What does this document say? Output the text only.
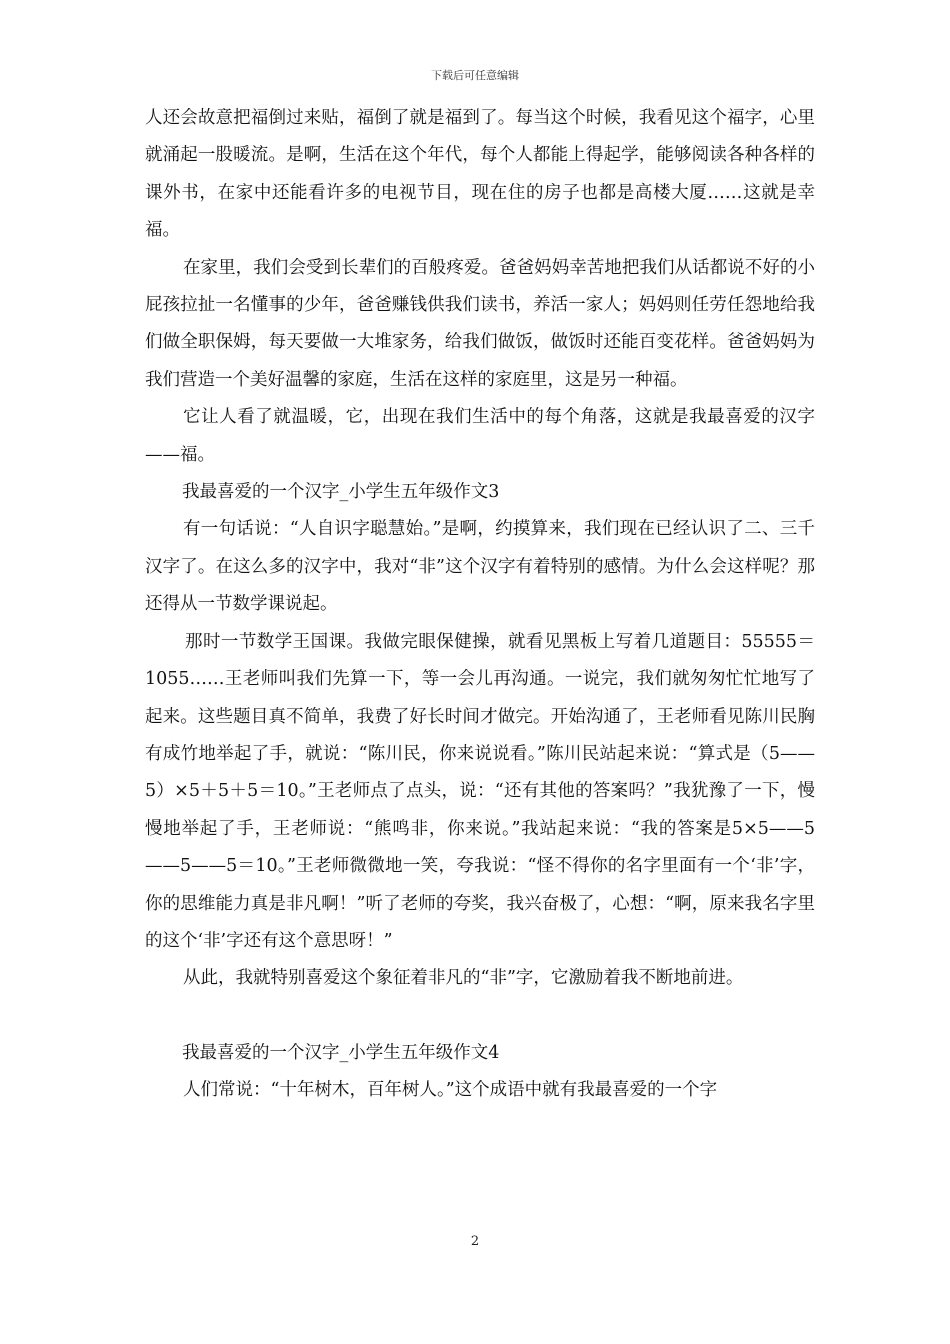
下载后可任意编辑

人还会故意把福倒过来贴，福倒了就是福到了。每当这个时候，我看见这个福字，心里就涌起一股暖流。是啊，生活在这个年代，每个人都能上得起学，能够阅读各种各样的课外书，在家中还能看许多的电视节目，现在住的房子也都是高楼大厦……这就是幸福。

在家里，我们会受到长辈们的百般疼爱。爸爸妈妈幸苦地把我们从话都说不好的小屁孩拉扯一名懂事的少年，爸爸赚钱供我们读书，养活一家人；妈妈则任劳任怨地给我们做全职保姆，每天要做一大堆家务，给我们做饭，做饭时还能百变花样。爸爸妈妈为我们营造一个美好温馨的家庭，生活在这样的家庭里，这是另一种福。

它让人看了就温暖，它，出现在我们生活中的每个角落，这就是我最喜爱的汉字——福。

我最喜爱的一个汉字_小学生五年级作文3

有一句话说：“人自识字聪慧始。”是啊，约摸算来，我们现在已经认识了二、三千汉字了。在这么多的汉字中，我对“非”这个汉字有着特别的感情。为什么会这样呢？那还得从一节数学课说起。

那时一节数学王国课。我做完眼保健操，就看见黑板上写着几道题目：55555＝1055……王老师叫我们先算一下，等一会儿再沟通。一说完，我们就匆匆忙忙地写了起来。这些题目真不简单，我费了好长时间才做完。开始沟通了，王老师看见陈川民胸有成竹地举起了手，就说：“陈川民，你来说说看。”陈川民站起来说：“算式是（5——5）×5＋5＋5＝10。”王老师点了点头，说：“还有其他的答案吗？”我犹豫了一下，慢慢地举起了手，王老师说：“熊鸣非，你来说。”我站起来说：“我的答案是5×5——5——5——5＝10。”王老师微微地一笑，夸我说：“怪不得你的名字里面有一个‘非’字，你的思维能力真是非凡啊！”听了老师的夸奖，我兴奋极了，心想：“啊，原来我名字里的这个‘非’字还有这个意思呀！”

从此，我就特别喜爱这个象征着非凡的“非”字，它激励着我不断地前进。

我最喜爱的一个汉字_小学生五年级作文4

人们常说：“十年树木，百年树人。”这个成语中就有我最喜爱的一个字

2
